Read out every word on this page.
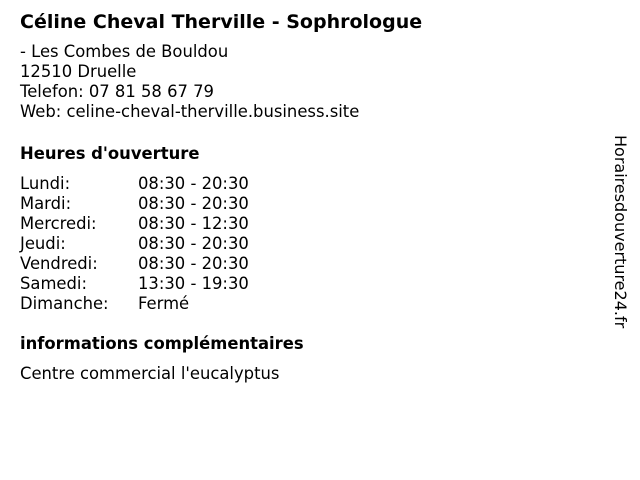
Céline Cheval Therville - Sophrologue
- Les Combes de Bouldou
12510 Druelle
Telefon: 07 81 58 67 79
Web: celine-cheval-therville.business.site
Heures d'ouverture
Lundi:	08:30 - 20:30
Mardi:	08:30 - 20:30
Mercredi:	08:30 - 12:30
Jeudi:	08:30 - 20:30
Vendredi:	08:30 - 20:30
Samedi:	13:30 - 19:30
Dimanche:	Fermé
informations complémentaires
Centre commercial l'eucalyptus
Horairesdouverture24.fr
